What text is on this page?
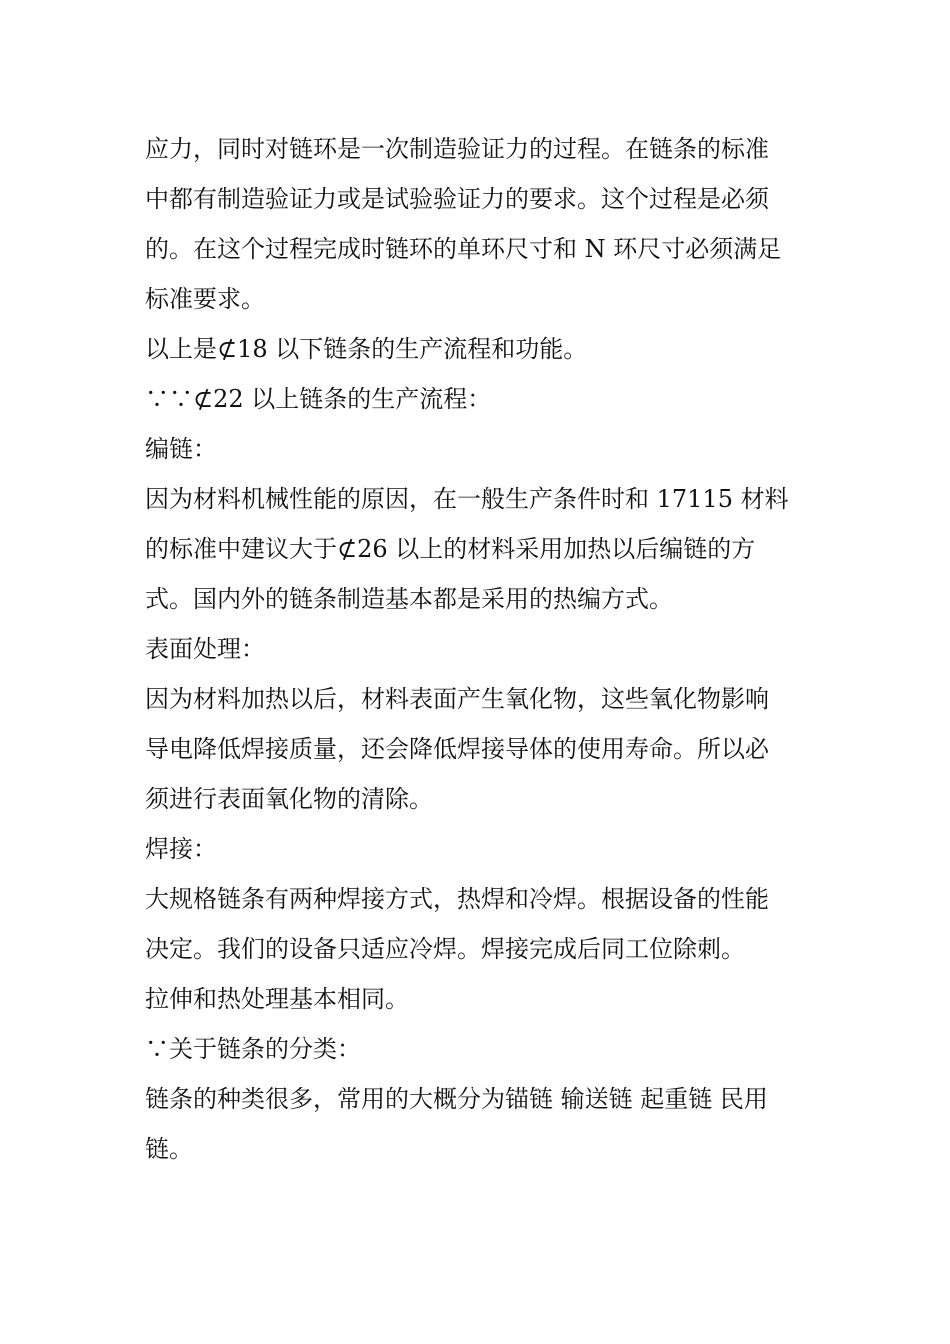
应力，同时对链环是一次制造验证力的过程。在链条的标准
中都有制造验证力或是试验验证力的要求。这个过程是必须
的。在这个过程完成时链环的单环尺寸和 N 环尺寸必须满足
标准要求。
以上是⊄18 以下链条的生产流程和功能。
∵∵⊄22 以上链条的生产流程：
编链：
因为材料机械性能的原因，在一般生产条件时和 17115 材料
的标准中建议大于⊄26 以上的材料采用加热以后编链的方
式。国内外的链条制造基本都是采用的热编方式。
表面处理：
因为材料加热以后，材料表面产生氧化物，这些氧化物影响
导电降低焊接质量，还会降低焊接导体的使用寿命。所以必
须进行表面氧化物的清除。
焊接：
大规格链条有两种焊接方式，热焊和冷焊。根据设备的性能
决定。我们的设备只适应冷焊。焊接完成后同工位除刺。
拉伸和热处理基本相同。
∵关于链条的分类：
链条的种类很多，常用的大概分为锚链 输送链 起重链 民用
链。
